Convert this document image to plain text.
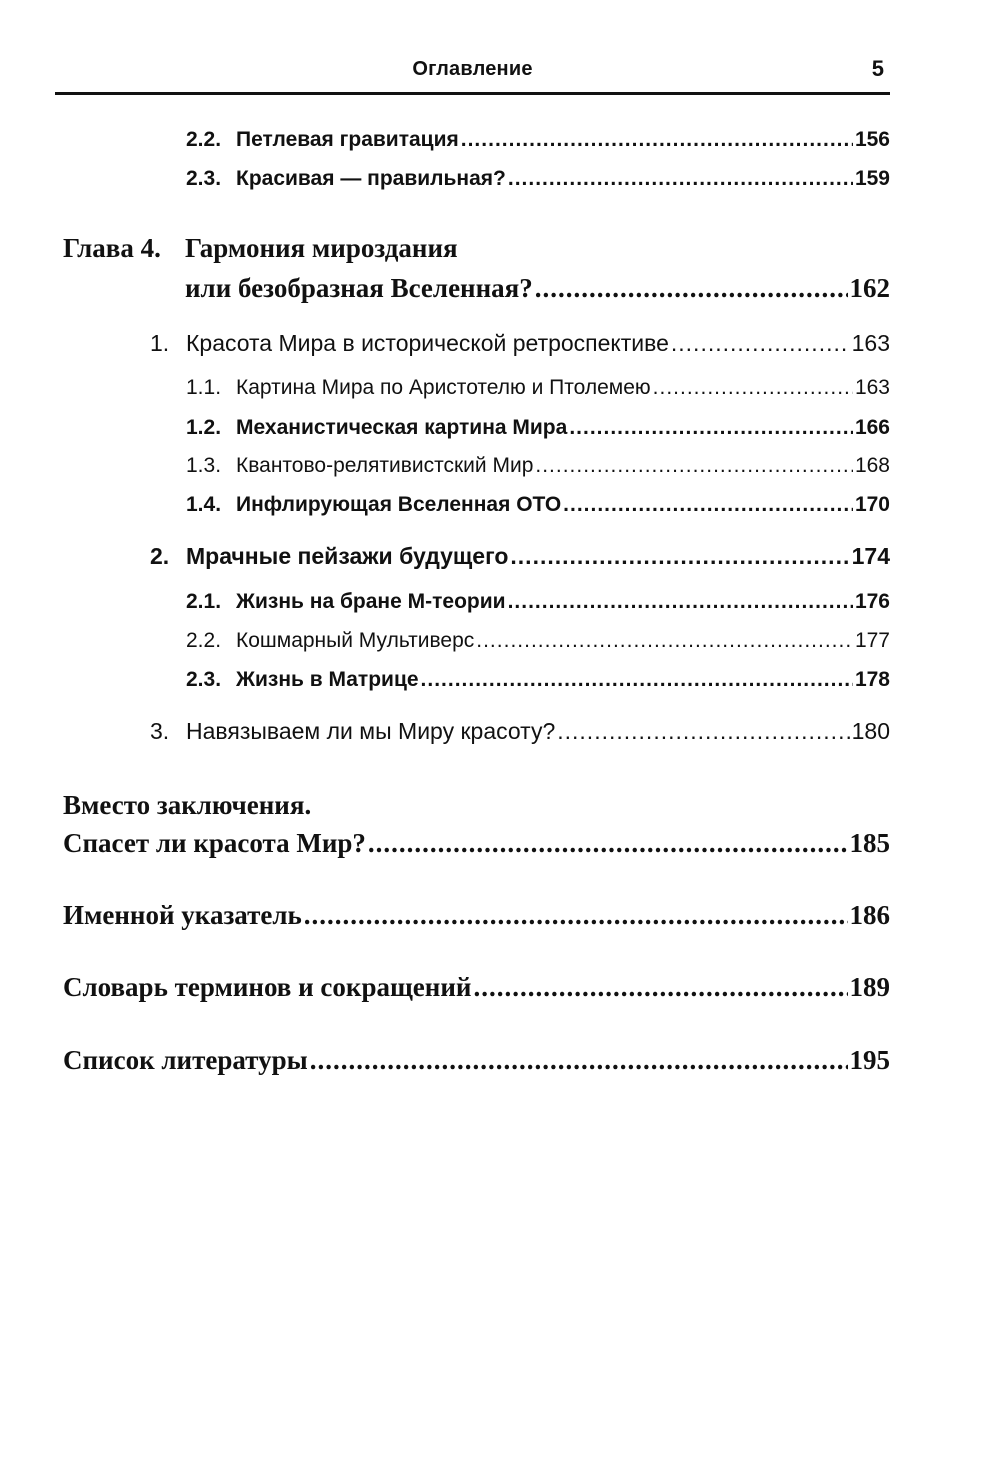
Оглавление	5
2.2. Петлевая гравитация .....	156
2.3. Красивая — правильная? .....	159
Глава 4. Гармония мироздания
или безобразная Вселенная? .....	162
1. Красота Мира в исторической ретроспективе .....	163
1.1. Картина Мира по Аристотелю и Птолемею .....	163
1.2. Механистическая картина Мира .....	166
1.3. Квантово-релятивистский Мир .....	168
1.4. Инфлирующая Вселенная ОТО .....	170
2. Мрачные пейзажи будущего .....	174
2.1. Жизнь на бране М-теории .....	176
2.2. Кошмарный Мультиверс .....	177
2.3. Жизнь в Матрице .....	178
3. Навязываем ли мы Миру красоту? .....	180
Вместо заключения.
Спасет ли красота Мир? .....	185
Именной указатель .....	186
Словарь терминов и сокращений .....	189
Список литературы .....	195
